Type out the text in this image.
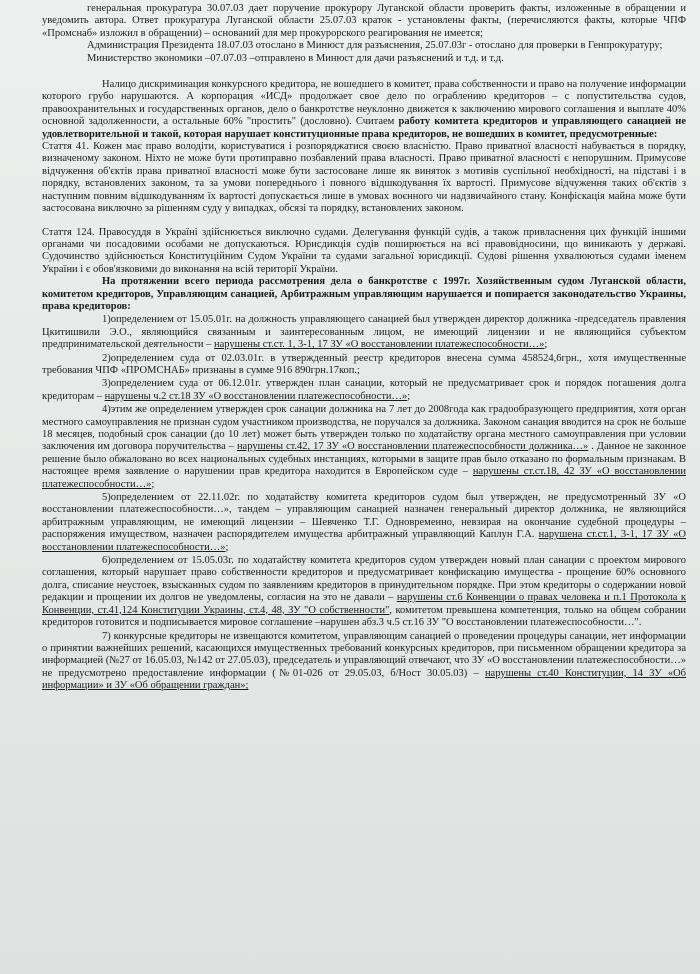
генеральная прокуратура 30.07.03 дает поручение прокурору Луганской области проверить факты, изложенные в обращении и уведомить автора. Ответ прокуратура Луганской области 25.07.03 краток - установлены факты, (перечисляются факты, которые ЧПФ «Промснаб» изложил в обращении) – оснований для мер прокурорского реагирования не имеется;

Администрация Президента 18.07.03 отослано в Минюст для разъяснения, 25.07.03г - отослано для проверки в Генпрокуратуру;

Министерство экономики –07.07.03 –отправлено в Минюст для дачи разъяснений и т.д. и т.д.

Налицо дискриминация конкурсного кредитора, не вошедшего в комитет, права собственности и право на получение информации которого грубо нарушаются. А корпорация «ИСД» продолжает свое дело по ограблению кредиторов – с попустительства судов, правоохранительных и государственных органов, дело о банкротстве неуклонно движется к заключению мирового соглашения и выплате 40% основной задолженности, а остальные 60% "простить" (дословно). Считаем работу комитета кредиторов и управляющего санацией не удовлетворительной и такой, которая нарушает конституционные права кредиторов, не вошедших в комитет, предусмотренные:

Стаття 41. Кожен має право володіти, користуватися і розпоряджатися своєю власністю. Право приватної власності набувається в порядку, визначеному законом. Ніхто не може бути протиправно позбавлений права власності. Право приватної власності є непорушним. Примусове відчуження об'єктів права приватної власності може бути застосоване лише як виняток з мотивів суспільної необхідності, на підставі і в порядку, встановлених законом, та за умови попереднього і повного відшкодування їх вартості. Примусове відчуження таких об'єктів з наступним повним відшкодуванням їх вартості допускається лише в умовах воєнного чи надзвичайного стану. Конфіскація майна може бути застосована виключно за рішенням суду у випадках, обсязі та порядку, встановлених законом.

Стаття 124. Правосуддя в Україні здійснюється виключно судами. Делегування функцій судів, а також привласнення цих функцій іншими органами чи посадовими особами не допускаються. Юрисдикція судів поширюється на всі правовідносини, що виникають у державі. Судочинство здійснюється Конституційним Судом України та судами загальної юрисдикції. Судові рішення ухвалюються судами іменем України і є обов'язковими до виконання на всій території України.

На протяжении всего периода рассмотрения дела о банкротстве с 1997г. Хозяйственным судом Луганской области, комитетом кредиторов, Управляющим санацией, Арбитражным управляющим нарушается и попирается законодательство Украины, права кредиторов:

1)определением от 15.05.01г. на должность управляющего санацией был утвержден директор должника -председатель правления Цкитишвили Э.О., являющийся связанным и заинтересованным лицом, не имеющий лицензии и не являющийся субъектом предпринимательской деятельности – нарушены ст.ст. 1, 3-1, 17 ЗУ «О восстановлении платежеспособности…»;

2)определением суда от 02.03.01г. в утвержденный реестр кредиторов внесена сумма 458524,6грн., хотя имущественные требования ЧПФ «ПРОМСНАБ» признаны в сумме 916 890грн.17коп.;

3)определением суда от 06.12.01г. утвержден план санации, который не предусматривает срок и порядок погашения долга кредиторам – нарушены ч.2 ст.18 ЗУ «О восстановлении платежеспособности…»;

4)этим же определением утвержден срок санации должника на 7 лет до 2008года как градообразующего предприятия, хотя орган местного самоуправления не признан судом участником производства, не поручался за должника. Законом санация вводится на срок не больше 18 месяцев, подобный срок санации (до 10 лет) может быть утвержден только по ходатайству органа местного самоуправления при условии заключения им договора поручительства – нарушены ст.42, 17 ЗУ «О восстановлении платежеспособности должника…» . Данное не законное решение было обжаловано во всех национальных судебных инстанциях, которыми в защите прав было отказано по формальным признакам. В настоящее время заявление о нарушении прав кредитора находится в Европейском суде – нарушены ст.ст.18, 42 ЗУ «О восстановлении платежеспособности…»;

5)определением от 22.11.02г. по ходатайству комитета кредиторов судом был утвержден, не предусмотренный ЗУ «О восстановлении платежеспособности…», тандем – управляющим санацией назначен генеральный директор должника, не являющийся арбитражным управляющим, не имеющий лицензии – Шевченко Т.Г. Одновременно, невзирая на окончание судебной процедуры – распоряжения имуществом, назначен распорядителем имущества арбитражный управляющий Каплун Г.А. нарушена ст.ст.1, 3-1, 17 ЗУ «О восстановлении платежеспособности…»;

6)определением от 15.05.03г. по ходатайству комитета кредиторов судом утвержден новый план санации с проектом мирового соглашения, который нарушает право собственности кредиторов и предусматривает конфискацию имущества - прощение 60% основного долга, списание неустоек, взысканных судом по заявлениям кредиторов в принудительном порядке. При этом кредиторы о содержании новой редакции и прощении их долгов не уведомлены, согласия на это не давали – нарушены ст.6 Конвенции о правах человека и п.1 Протокола к Конвенции, ст.41,124 Конституции Украины, ст.4, 48, ЗУ "О собственности", комитетом превышена компетенция, только на общем собрании кредиторов готовится и подписывается мировое соглашение –нарушен абз.3 ч.5 ст.16 ЗУ "О восстановлении платежеспособности…".

7) конкурсные кредиторы не извещаются комитетом, управляющим санацией о проведении процедуры санации, нет информации о принятии важнейших решений, касающихся имущественных требований конкурсных кредиторов, при письменном обращении кредитора за информацией (№27 от 16.05.03, №142 от 27.05.03), председатель и управляющий отвечают, что ЗУ «О восстановлении платежеспособности…» не предусмотрено предоставление информации (№01-026 от 29.05.03, б/Ност 30.05.03) – нарушены ст.40 Конституции, 14 ЗУ «Об информации» и ЗУ «Об обращении граждан»;
